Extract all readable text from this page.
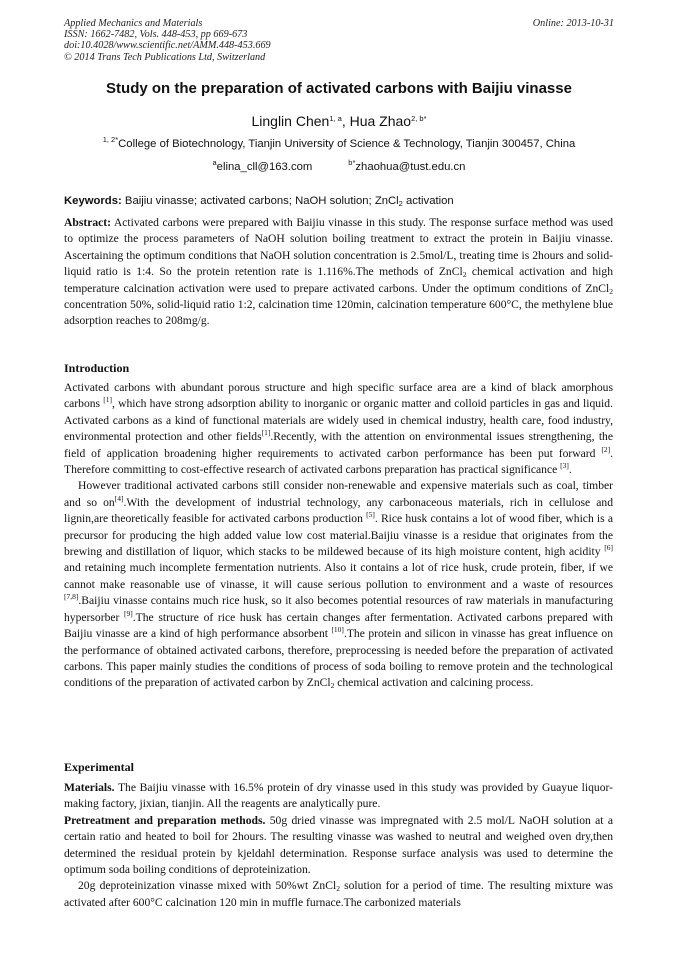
Applied Mechanics and Materials
ISSN: 1662-7482, Vols. 448-453, pp 669-673
doi:10.4028/www.scientific.net/AMM.448-453.669
© 2014 Trans Tech Publications Ltd, Switzerland
Online: 2013-10-31
Study on the preparation of activated carbons with Baijiu vinasse
Linglin Chen$^{1, a}$, Hua Zhao$^{2, b*}$
$^{1, 2*}$College of Biotechnology, Tianjin University of Science & Technology, Tianjin 300457, China
$^a$elina_cll@163.com	$^{b*}$zhaohua@tust.edu.cn
Keywords: Baijiu vinasse; activated carbons; NaOH solution; ZnCl$_2$ activation

Abstract: Activated carbons were prepared with Baijiu vinasse in this study. The response surface method was used to optimize the process parameters of NaOH solution boiling treatment to extract the protein in Baijiu vinasse. Ascertaining the optimum conditions that NaOH solution concentration is 2.5mol/L, treating time is 2hours and solid-liquid ratio is 1:4. So the protein retention rate is 1.116%.The methods of ZnCl$_2$ chemical activation and high temperature calcination activation were used to prepare activated carbons. Under the optimum conditions of ZnCl$_2$ concentration 50%, solid-liquid ratio 1:2, calcination time 120min, calcination temperature 600°C, the methylene blue adsorption reaches to 208mg/g.

Introduction

Activated carbons with abundant porous structure and high specific surface area are a kind of black amorphous carbons [1], which have strong adsorption ability to inorganic or organic matter and colloid particles in gas and liquid. Activated carbons as a kind of functional materials are widely used in chemical industry, health care, food industry, environmental protection and other fields[1].Recently, with the attention on environmental issues strengthening, the field of application broadening higher requirements to activated carbon performance has been put forward [2]. Therefore committing to cost-effective research of activated carbons preparation has practical significance [3].

However traditional activated carbons still consider non-renewable and expensive materials such as coal, timber and so on[4].With the development of industrial technology, any carbonaceous materials, rich in cellulose and lignin,are theoretically feasible for activated carbons production [5]. Rice husk contains a lot of wood fiber, which is a precursor for producing the high added value low cost material.Baijiu vinasse is a residue that originates from the brewing and distillation of liquor, which stacks to be mildewed because of its high moisture content, high acidity [6] and retaining much incomplete fermentation nutrients. Also it contains a lot of rice husk, crude protein, fiber, if we cannot make reasonable use of vinasse, it will cause serious pollution to environment and a waste of resources [7,8].Baijiu vinasse contains much rice husk, so it also becomes potential resources of raw materials in manufacturing hypersorber [9].The structure of rice husk has certain changes after fermentation. Activated carbons prepared with Baijiu vinasse are a kind of high performance absorbent [10].The protein and silicon in vinasse has great influence on the performance of obtained activated carbons, therefore, preprocessing is needed before the preparation of activated carbons. This paper mainly studies the conditions of process of soda boiling to remove protein and the technological conditions of the preparation of activated carbon by ZnCl$_2$ chemical activation and calcining process.

Experimental

Materials. The Baijiu vinasse with 16.5% protein of dry vinasse used in this study was provided by Guayue liquor-making factory, jixian, tianjin. All the reagents are analytically pure.

Pretreatment and preparation methods. 50g dried vinasse was impregnated with 2.5 mol/L NaOH solution at a certain ratio and heated to boil for 2hours. The resulting vinasse was washed to neutral and weighed oven dry,then determined the residual protein by kjeldahl determination. Response surface analysis was used to determine the optimum soda boiling conditions of deproteinization.

20g deproteinization vinasse mixed with 50%wt ZnCl$_2$ solution for a period of time. The resulting mixture was activated after 600°C calcination 120 min in muffle furnace.The carbonized materials
